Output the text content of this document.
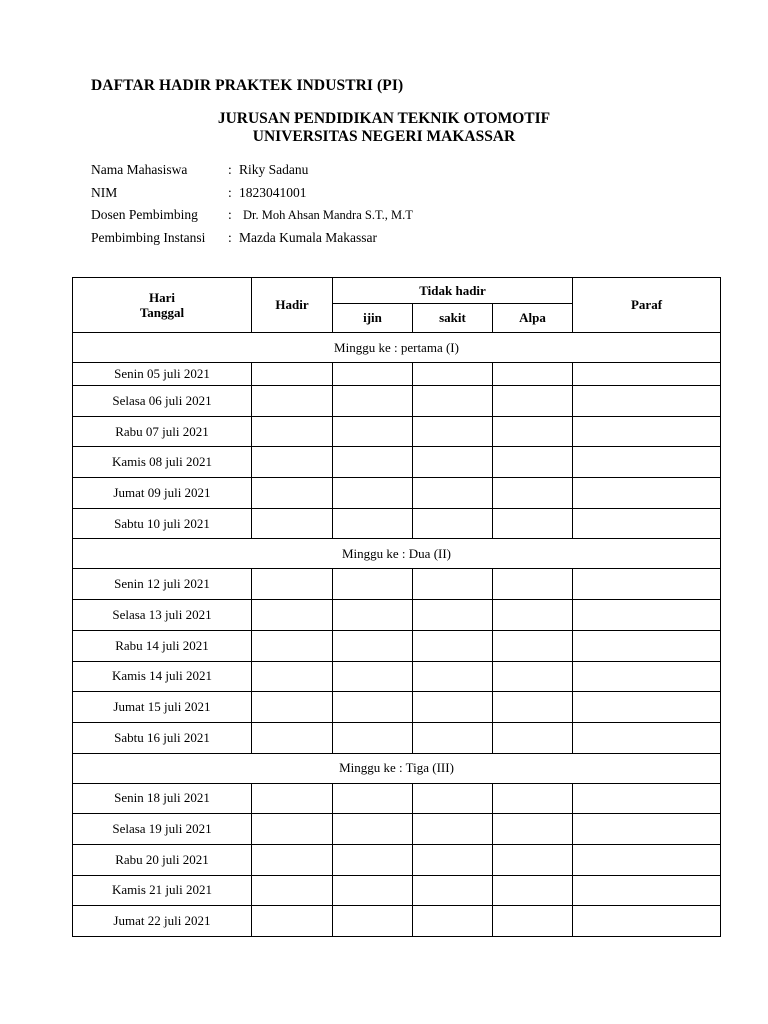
DAFTAR HADIR PRAKTEK INDUSTRI (PI)
JURUSAN PENDIDIKAN TEKNIK OTOMOTIF
UNIVERSITAS NEGERI MAKASSAR
Nama Mahasiswa	: Riky Sadanu
NIM	: 1823041001
Dosen Pembimbing : Dr. Moh Ahsan Mandra S.T., M.T
Pembimbing Instansi : Mazda Kumala Makassar
Hari
Tanggal	Hadir	Tidak hadir			Paraf
		ijin	sakit	Alpa	
Minggu ke : pertama (I)					
Senin 05 juli 2021					
Selasa 06 juli 2021					
Rabu 07 juli 2021					
Kamis 08 juli 2021					
Jumat 09 juli 2021					
Sabtu 10 juli 2021					
Minggu ke : Dua (II)					
Senin 12 juli 2021					
Selasa 13 juli 2021					
Rabu 14 juli 2021					
Kamis 14 juli 2021					
Jumat 15 juli 2021					
Sabtu 16 juli 2021					
Minggu ke : Tiga (III)					
Senin 18 juli 2021					
Selasa 19 juli 2021					
Rabu 20 juli 2021					
Kamis 21 juli 2021					
Jumat 22 juli 2021					
